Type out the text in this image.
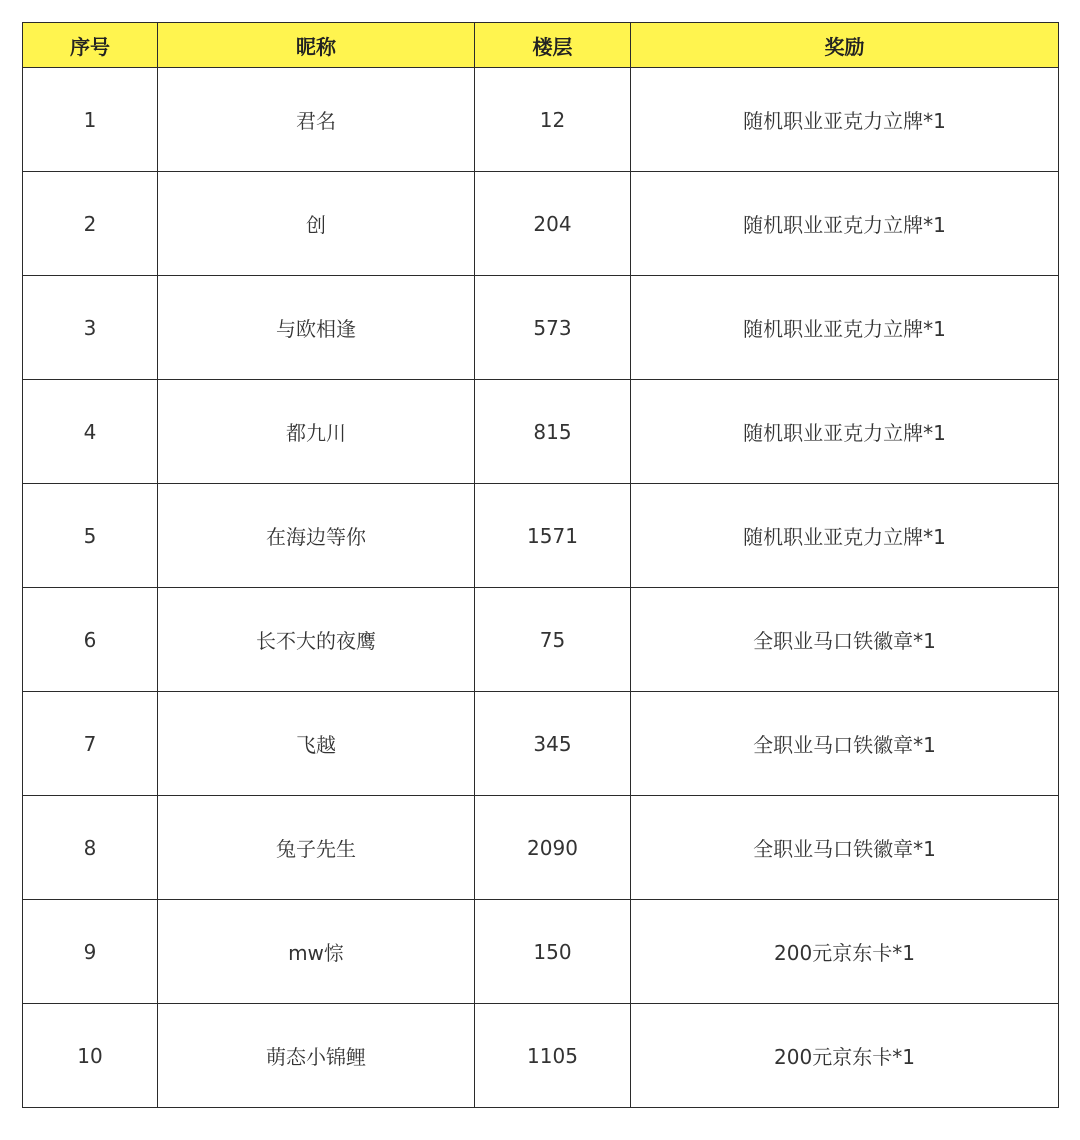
序号	昵称	楼层	奖励
1	君名	12	随机职业亚克力立牌*1
2	创	204	随机职业亚克力立牌*1
3	与欧相逢	573	随机职业亚克力立牌*1
4	都九川	815	随机职业亚克力立牌*1
5	在海边等你	1571	随机职业亚克力立牌*1
6	长不大的夜鹰	75	全职业马口铁徽章*1
7	飞越	345	全职业马口铁徽章*1
8	兔子先生	2090	全职业马口铁徽章*1
9	mw悰	150	200元京东卡*1
10	萌态小锦鲤	1105	200元京东卡*1
